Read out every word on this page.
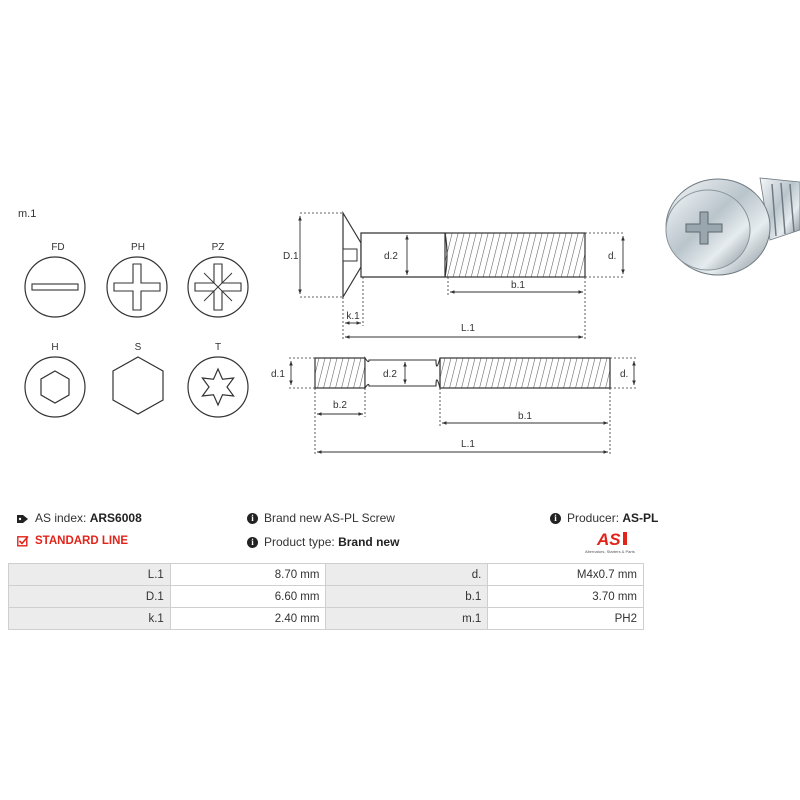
m.1
FD	PH	PZ
H	S	T
D.1	d.2	d.
b.1
k.1
L.1
d.1	d.2	d.
b.2
b.1
L.1
AS index:
ARS6008
STANDARD LINE
i Brand new AS-PL Screw
i Product type:
Brand new
i Producer:
AS-PL
AS
Alternators, Starters & Parts
L.1	8.70 mm	d.	M4x0.7 mm
D.1	6.60 mm	b.1	3.70 mm
k.1	2.40 mm	m.1	PH2
